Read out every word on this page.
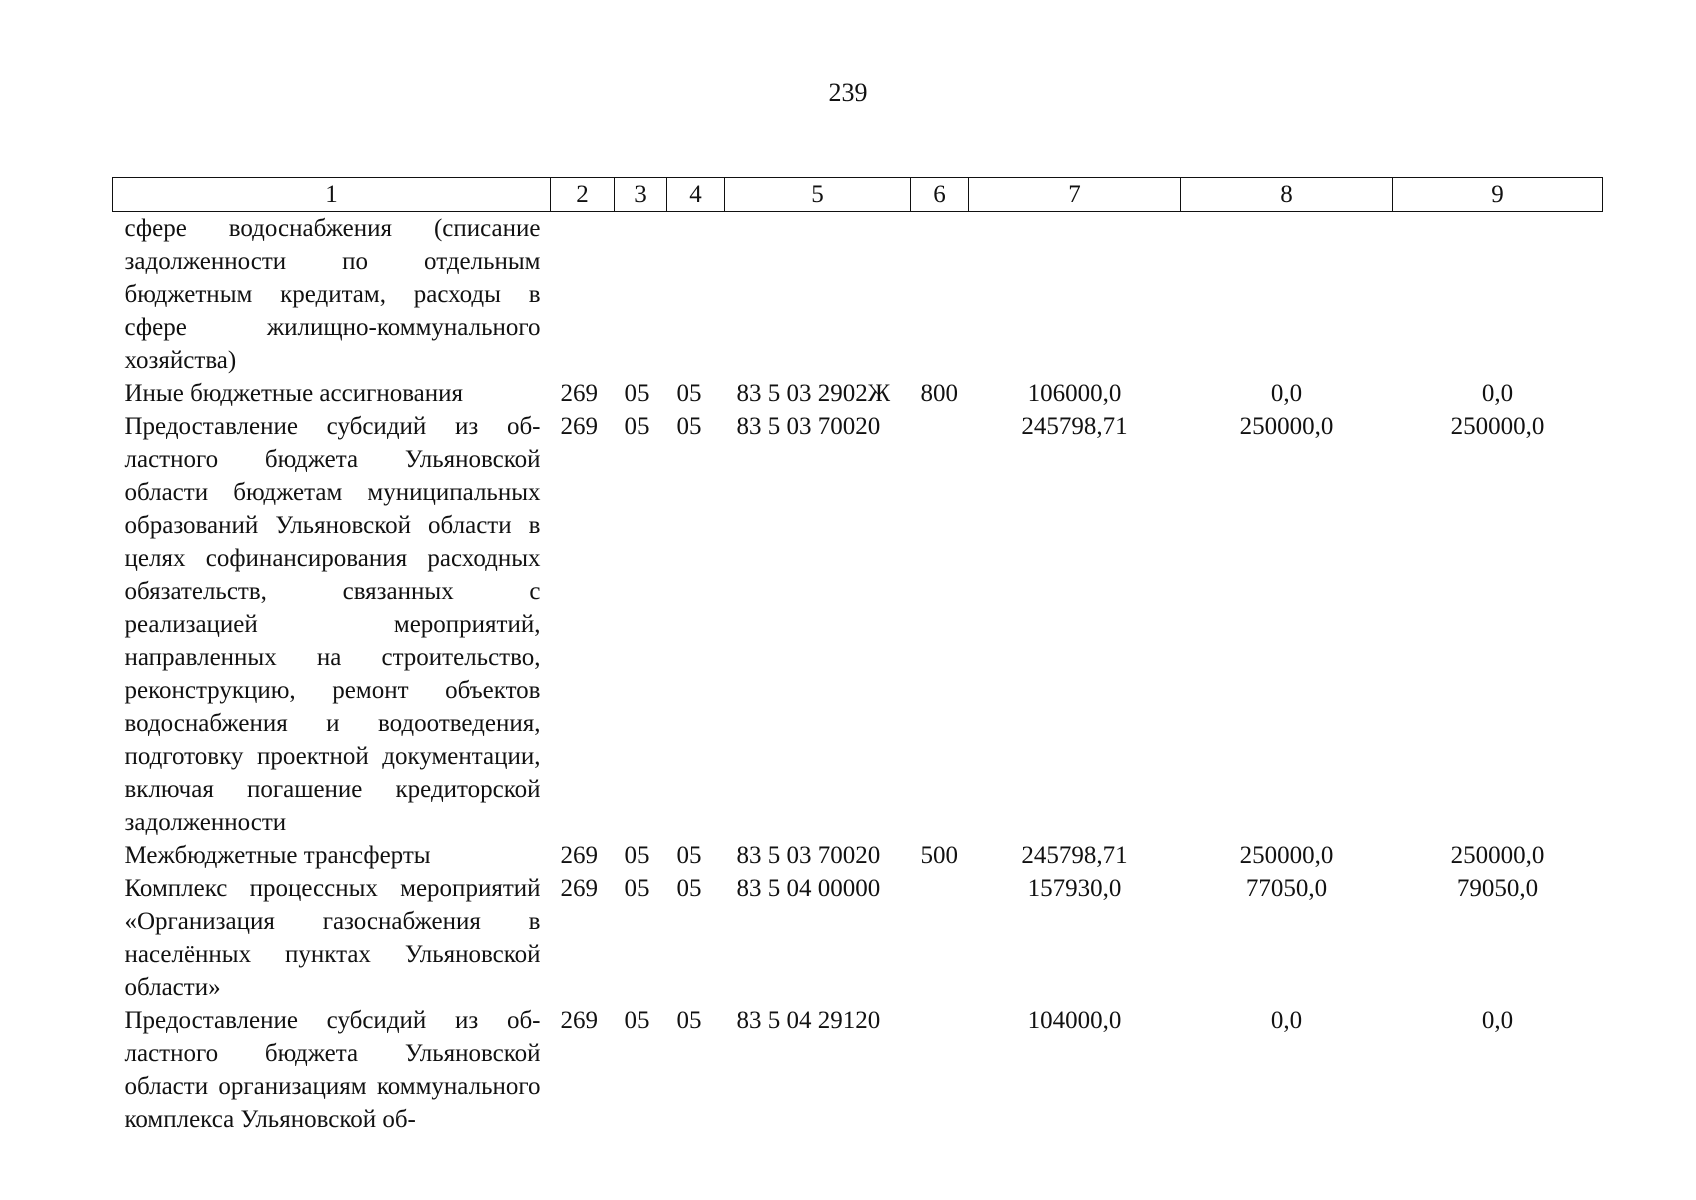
239
1	2	3	4	5	6	7	8	9
сфере водоснабжения (списание задолженности по отдельным бюджетным кредитам, расходы в сфере жилищно-коммунального хозяйства)								
Иные бюджетные ассигнования	269	05	05	83 5 03 2902Ж	800	106000,0	0,0	0,0
Предоставление субсидий из областного бюджета Ульяновской области бюджетам муниципальных образований Ульяновской области в целях софинансирования расходных обязательств, связанных с реализацией мероприятий, направленных на строительство, реконструкцию, ремонт объектов водоснабжения и водоотведения, подготовку проектной документации, включая погашение кредиторской задолженности	269	05	05	83 5 03 70020		245798,71	250000,0	250000,0
Межбюджетные трансферты	269	05	05	83 5 03 70020	500	245798,71	250000,0	250000,0
Комплекс процессных мероприятий «Организация газоснабжения в населённых пунктах Ульяновской области»	269	05	05	83 5 04 00000		157930,0	77050,0	79050,0
Предоставление субсидий из областного бюджета Ульяновской области организациям коммунального комплекса Ульяновской об-	269	05	05	83 5 04 29120		104000,0	0,0	0,0
